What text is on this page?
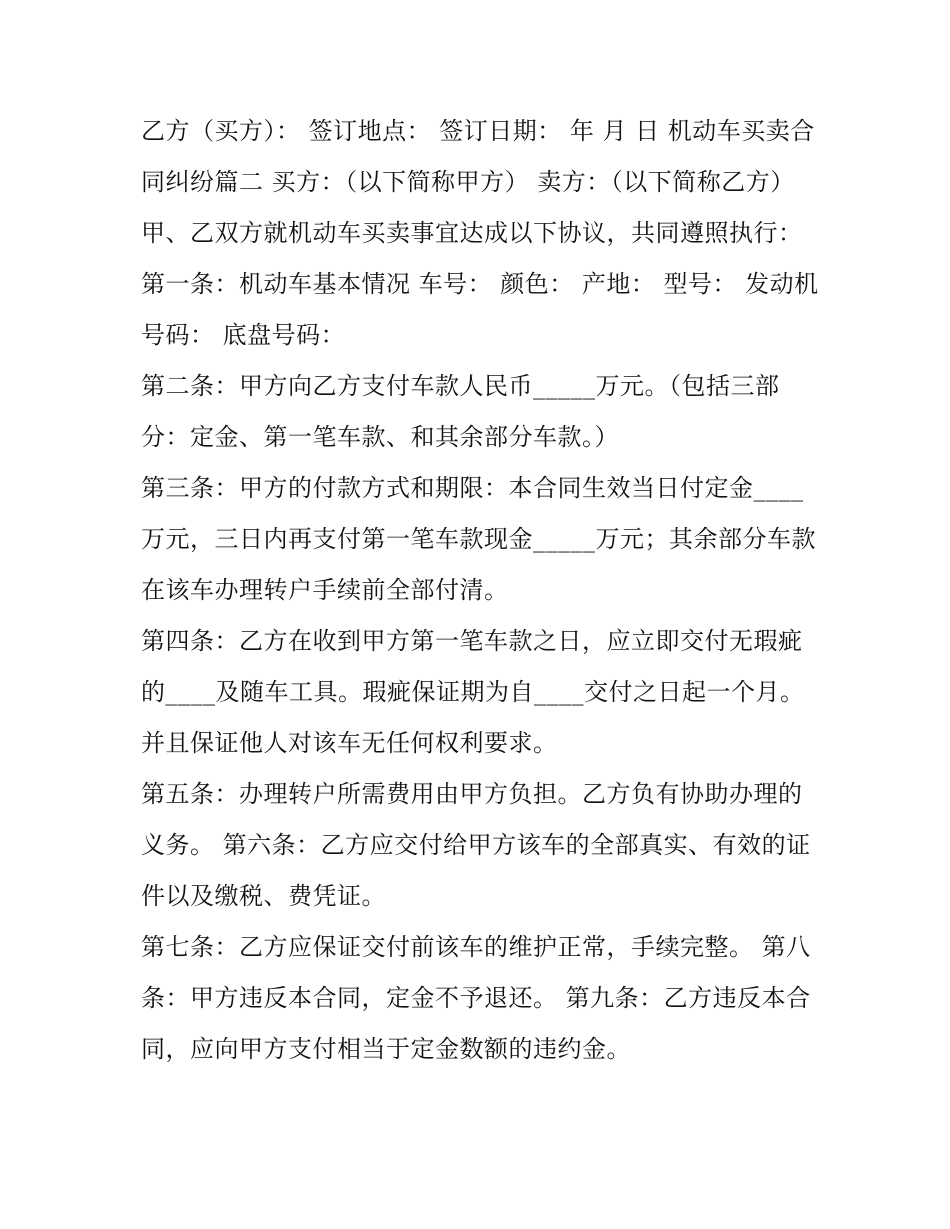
乙方（买方）： 签订地点： 签订日期： 年 月 日 机动车买卖合同纠纷篇二 买方：（以下简称甲方） 卖方：（以下简称乙方）

甲、乙双方就机动车买卖事宜达成以下协议，共同遵照执行：

第一条：机动车基本情况 车号： 颜色： 产地： 型号： 发动机号码： 底盘号码：

第二条：甲方向乙方支付车款人民币_____万元。（包括三部分：定金、第一笔车款、和其余部分车款。）

第三条：甲方的付款方式和期限：本合同生效当日付定金____万元，三日内再支付第一笔车款现金_____万元；其余部分车款在该车办理转户手续前全部付清。

第四条：乙方在收到甲方第一笔车款之日，应立即交付无瑕疵的____及随车工具。瑕疵保证期为自____交付之日起一个月。并且保证他人对该车无任何权利要求。

第五条：办理转户所需费用由甲方负担。乙方负有协助办理的义务。 第六条：乙方应交付给甲方该车的全部真实、有效的证件以及缴税、费凭证。

第七条：乙方应保证交付前该车的维护正常，手续完整。 第八条：甲方违反本合同，定金不予退还。 第九条：乙方违反本合同，应向甲方支付相当于定金数额的违约金。
